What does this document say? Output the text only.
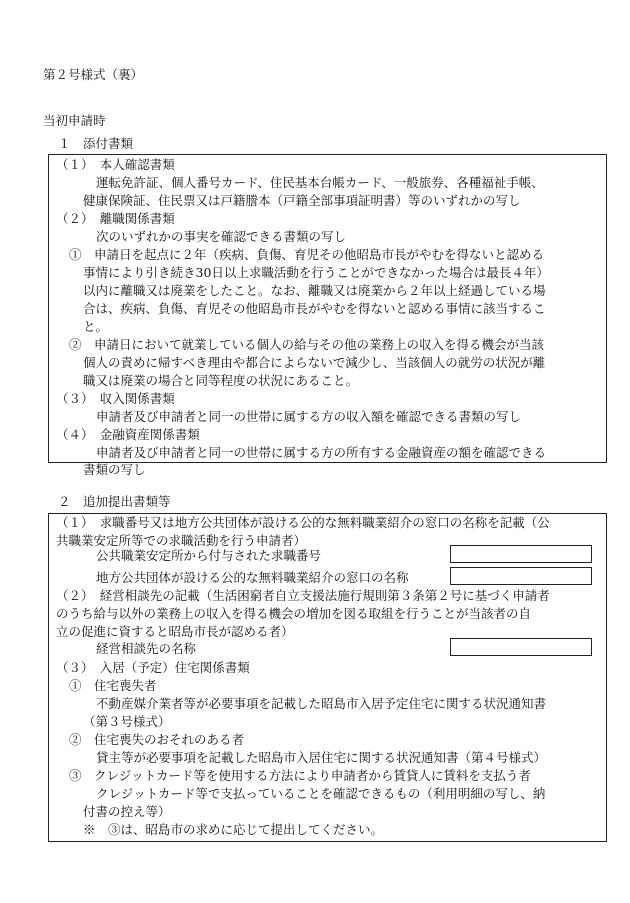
第２号様式（裏）
当初申請時
１　添付書類
（１）　本人確認書類
運転免許証、個人番号カード、住民基本台帳カード、一般旅券、各種福祉手帳、
健康保険証、住民票又は戸籍謄本（戸籍全部事項証明書）等のいずれかの写し
（２）　離職関係書類
次のいずれかの事実を確認できる書類の写し
①　申請日を起点に２年（疾病、負傷、育児その他昭島市長がやむを得ないと認める
事情により引き続き30日以上求職活動を行うことができなかった場合は最長４年）
以内に離職又は廃業をしたこと。なお、離職又は廃業から２年以上経過している場
合は、疾病、負傷、育児その他昭島市長がやむを得ないと認める事情に該当するこ
と。
②　申請日において就業している個人の給与その他の業務上の収入を得る機会が当該
個人の責めに帰すべき理由や都合によらないで減少し、当該個人の就労の状況が離
職又は廃業の場合と同等程度の状況にあること。
（３）　収入関係書類
申請者及び申請者と同一の世帯に属する方の収入額を確認できる書類の写し
（４）　金融資産関係書類
申請者及び申請者と同一の世帯に属する方の所有する金融資産の額を確認できる
書類の写し
２　追加提出書類等
（１）　求職番号又は地方公共団体が設ける公的な無料職業紹介の窓口の名称を記載（公
共職業安定所等での求職活動を行う申請者）
公共職業安定所から付与された求職番号
地方公共団体が設ける公的な無料職業紹介の窓口の名称
（２）　経営相談先の記載（生活困窮者自立支援法施行規則第３条第２号に基づく申請者
のうち給与以外の業務上の収入を得る機会の増加を図る取組を行うことが当該者の自
立の促進に資すると昭島市長が認める者）
経営相談先の名称
（３）　入居（予定）住宅関係書類
①　住宅喪失者
不動産媒介業者等が必要事項を記載した昭島市入居予定住宅に関する状況通知書
（第３号様式）
②　住宅喪失のおそれのある者
貸主等が必要事項を記載した昭島市入居住宅に関する状況通知書（第４号様式）
③　クレジットカード等を使用する方法により申請者から賃貸人に賃料を支払う者
クレジットカード等で支払っていることを確認できるもの（利用明細の写し、納
付書の控え等）
※　③は、昭島市の求めに応じて提出してください。
